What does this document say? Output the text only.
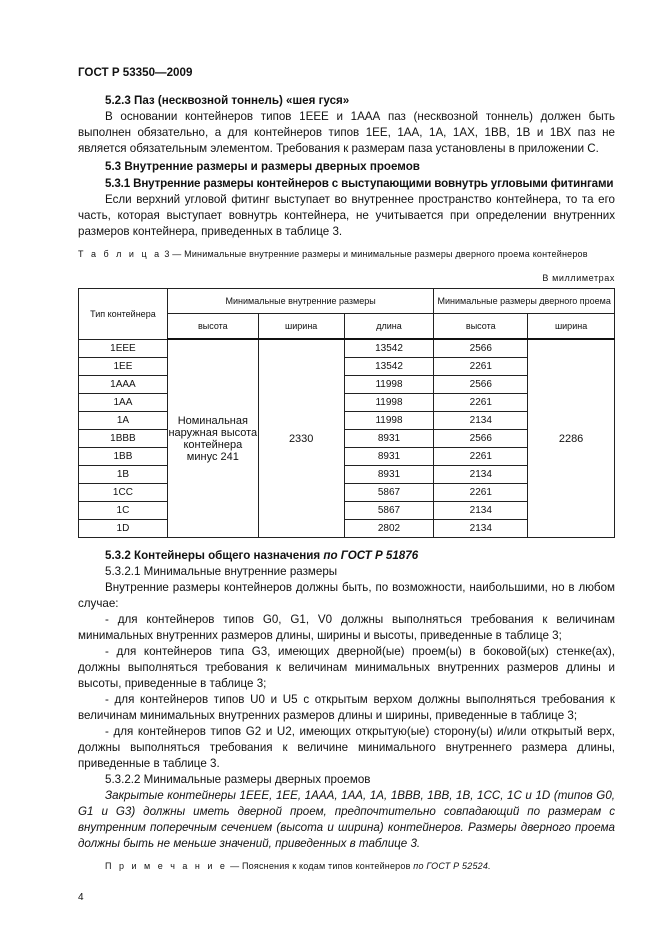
ГОСТ Р 53350—2009
5.2.3 Паз (несквозной тоннель) «шея гуся»
В основании контейнеров типов 1ЕЕЕ и 1ААА паз (несквозной тоннель) должен быть выполнен обязательно, а для контейнеров типов 1ЕЕ, 1АА, 1А, 1АХ, 1ВВ, 1В и 1ВХ паз не является обязательным элементом. Требования к размерам паза установлены в приложении С.
5.3 Внутренние размеры и размеры дверных проемов
5.3.1 Внутренние размеры контейнеров с выступающими вовнутрь угловыми фитингами
Если верхний угловой фитинг выступает во внутреннее пространство контейнера, то та его часть, которая выступает вовнутрь контейнера, не учитывается при определении внутренних размеров контейнера, приведенных в таблице 3.
Т а б л и ц а 3 — Минимальные внутренние размеры и минимальные размеры дверного проема контейнеров
В миллиметрах
Тип контейнера	Минимальные внутренние размеры			Минимальные размеры дверного проема	
	высота	ширина	длина	высота	ширина
1EEE	Номинальная наружная высота контейнера минус 241	2330	13542	2566	2286
1EE			13542	2261	
1AAA			11998	2566	
1AA			11998	2261	
1A			11998	2134	
1BBB			8931	2566	
1BB			8931	2261	
1B			8931	2134	
1CC			5867	2261	
1C			5867	2134	
1D			2802	2134	
5.3.2 Контейнеры общего назначения по ГОСТ Р 51876
5.3.2.1 Минимальные внутренние размеры
Внутренние размеры контейнеров должны быть, по возможности, наибольшими, но в любом случае:
- для контейнеров типов G0, G1, V0 должны выполняться требования к величинам минимальных внутренних размеров длины, ширины и высоты, приведенные в таблице 3;
- для контейнеров типа G3, имеющих дверной(ые) проем(ы) в боковой(ых) стенке(ах), должны выполняться требования к величинам минимальных внутренних размеров длины и высоты, приведенные в таблице 3;
- для контейнеров типов U0 и U5 с открытым верхом должны выполняться требования к величинам минимальных внутренних размеров длины и ширины, приведенные в таблице 3;
- для контейнеров типов G2 и U2, имеющих открытую(ые) сторону(ы) и/или открытый верх, должны выполняться требования к величине минимального внутреннего размера длины, приведенные в таблице 3.
5.3.2.2 Минимальные размеры дверных проемов
Закрытые контейнеры 1ЕЕЕ, 1ЕЕ, 1ААА, 1АА, 1А, 1ВВВ, 1ВВ, 1В, 1СС, 1С и 1D (типов G0, G1 и G3) должны иметь дверной проем, предпочтительно совпадающий по размерам с внутренним поперечным сечением (высота и ширина) контейнеров. Размеры дверного проема должны быть не меньше значений, приведенных в таблице 3.
П р и м е ч а н и е — Пояснения к кодам типов контейнеров по ГОСТ Р 52524.
4
